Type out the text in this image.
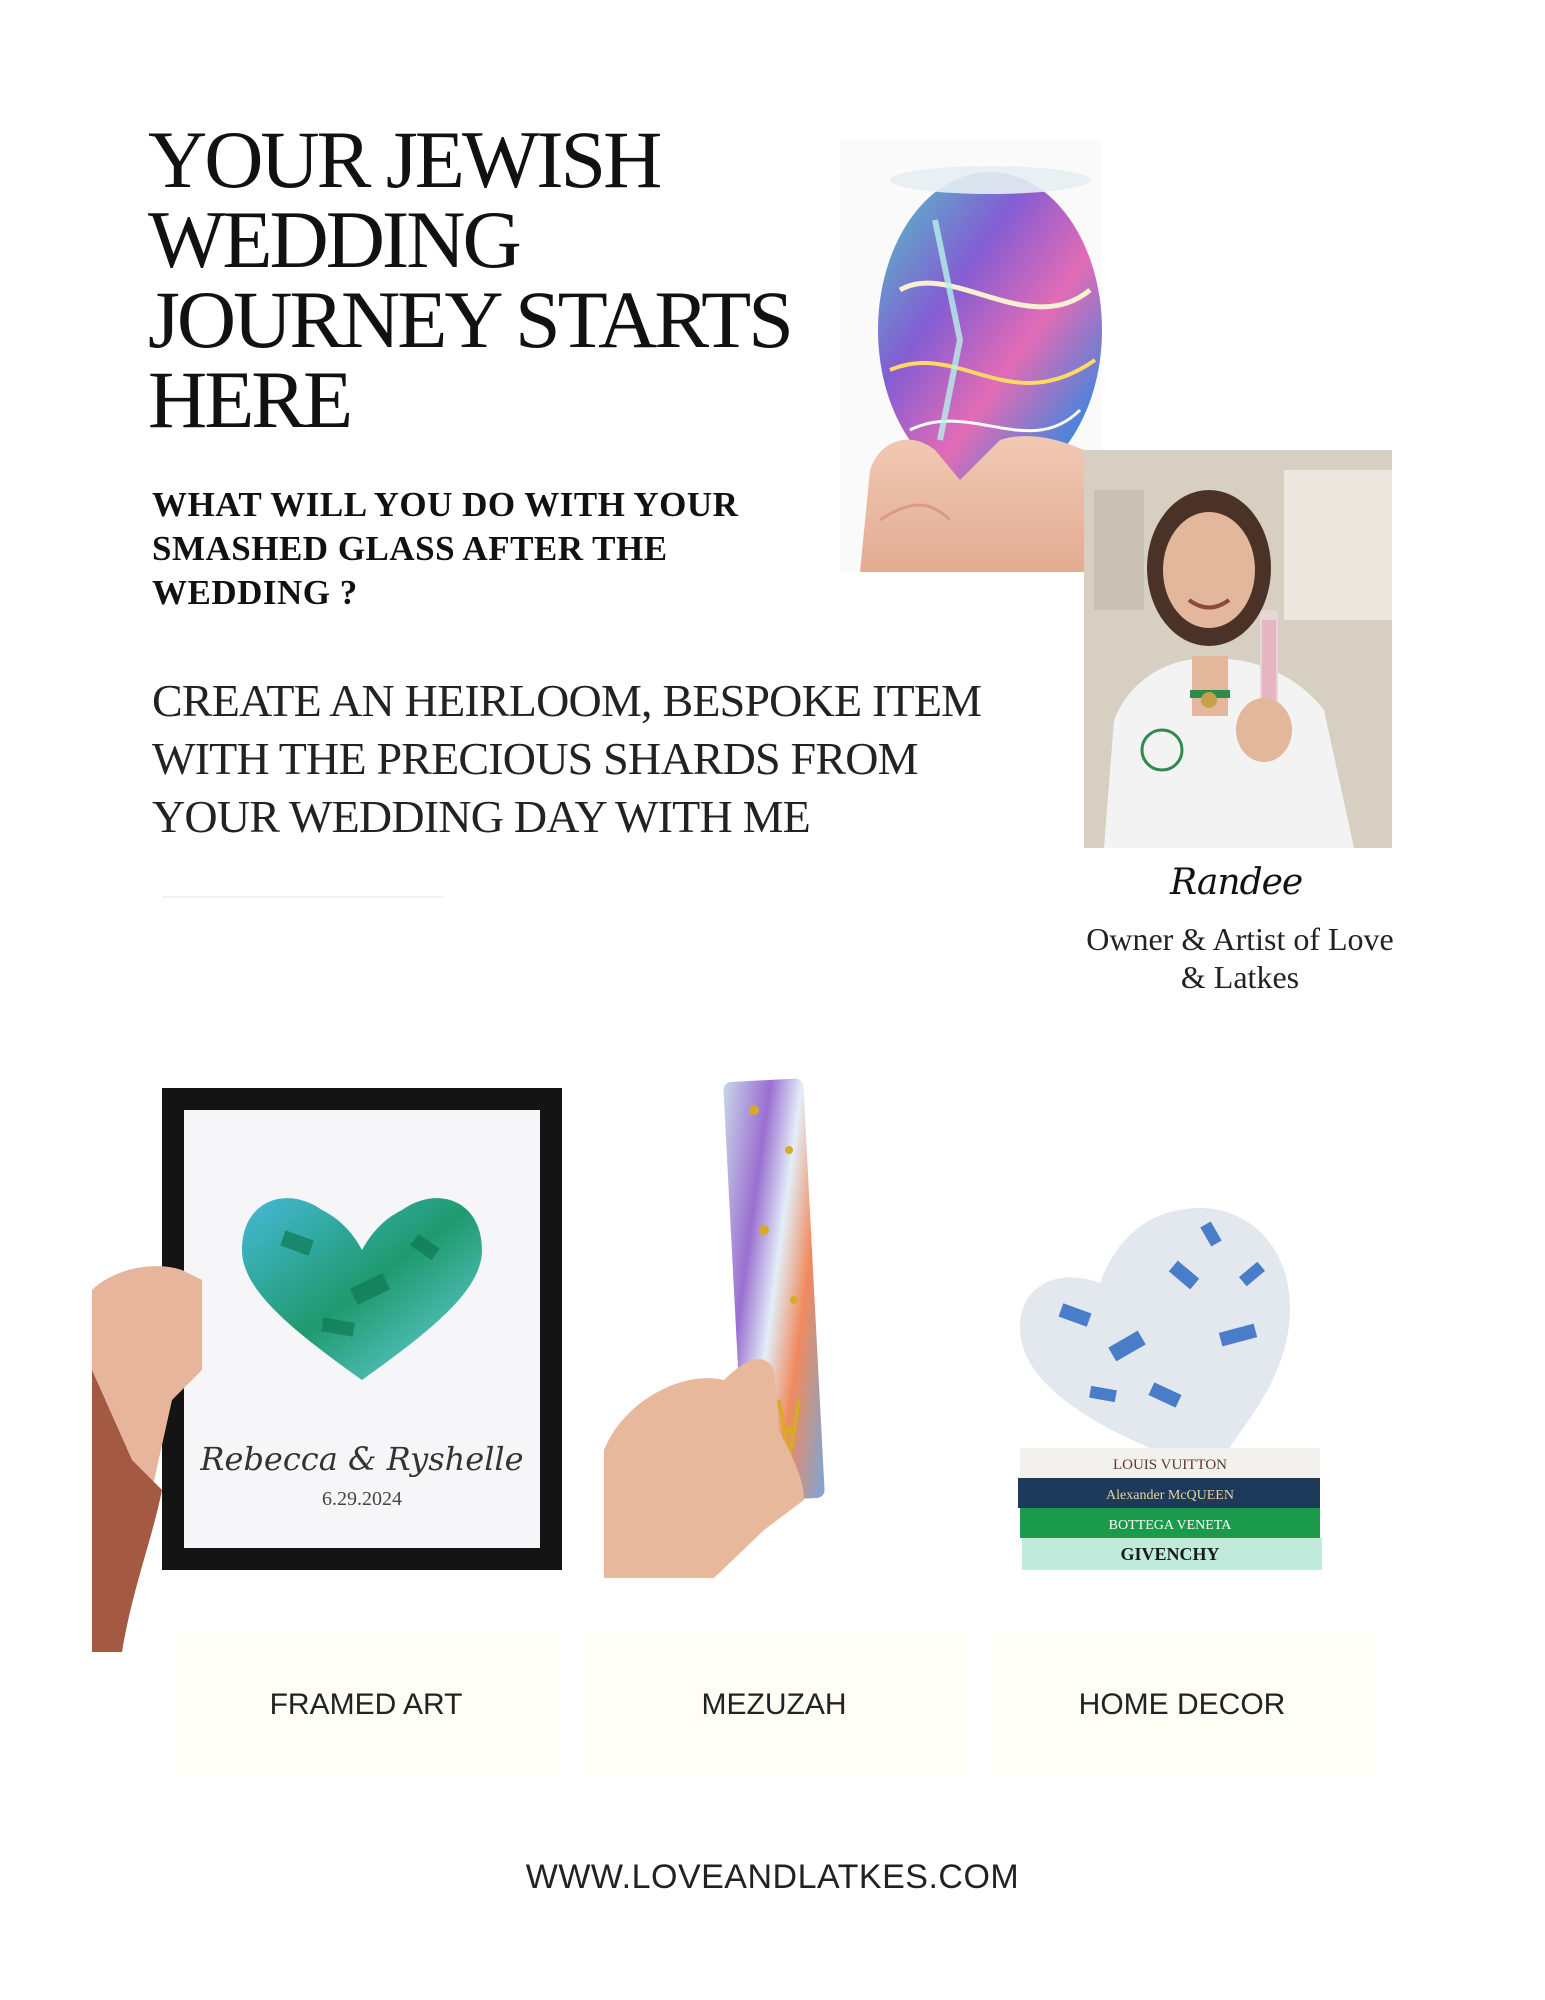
YOUR JEWISH
WEDDING
JOURNEY STARTS
HERE
WHAT WILL YOU DO WITH YOUR
SMASHED GLASS AFTER THE
WEDDING ?

CREATE AN HEIRLOOM, BESPOKE ITEM
WITH THE PRECIOUS SHARDS FROM
YOUR WEDDING DAY WITH ME

Randee
Owner & Artist of Love
& Latkes
Rebecca & Ryshelle
6.29.2024
LOUIS VUITTON
Alexander McQUEEN
BOTTEGA VENETA
GIVENCHY
FRAMED ART	MEZUZAH	HOME DECOR
WWW.LOVEANDLATKES.COM
